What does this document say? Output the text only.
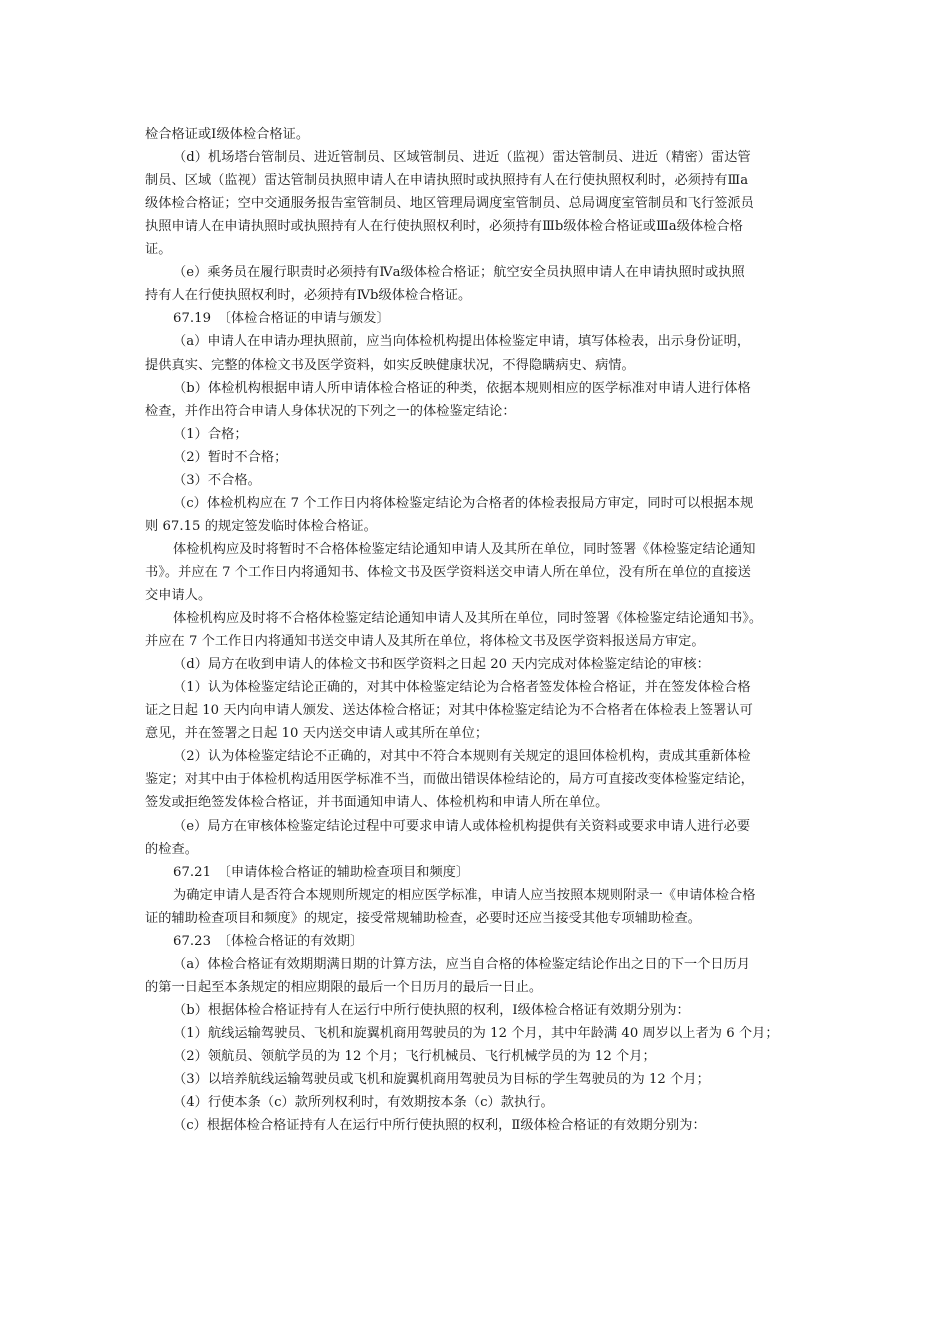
检合格证或Ⅰ级体检合格证。
（d）机场塔台管制员、进近管制员、区域管制员、进近（监视）雷达管制员、进近（精密）雷达管
制员、区域（监视）雷达管制员执照申请人在申请执照时或执照持有人在行使执照权利时，必须持有Ⅲa
级体检合格证；空中交通服务报告室管制员、地区管理局调度室管制员、总局调度室管制员和飞行签派员
执照申请人在申请执照时或执照持有人在行使执照权利时，必须持有Ⅲb级体检合格证或Ⅲa级体检合格
证。
（e）乘务员在履行职责时必须持有Ⅳa级体检合格证；航空安全员执照申请人在申请执照时或执照
持有人在行使执照权利时，必须持有Ⅳb级体检合格证。
67.19　〔体检合格证的申请与颁发〕
（a）申请人在申请办理执照前，应当向体检机构提出体检鉴定申请，填写体检表，出示身份证明，
提供真实、完整的体检文书及医学资料，如实反映健康状况，不得隐瞒病史、病情。
（b）体检机构根据申请人所申请体检合格证的种类，依据本规则相应的医学标准对申请人进行体格
检查，并作出符合申请人身体状况的下列之一的体检鉴定结论：
（1）合格；
（2）暂时不合格；
（3）不合格。
（c）体检机构应在 7 个工作日内将体检鉴定结论为合格者的体检表报局方审定，同时可以根据本规
则 67.15 的规定签发临时体检合格证。
体检机构应及时将暂时不合格体检鉴定结论通知申请人及其所在单位，同时签署《体检鉴定结论通知
书》。并应在 7 个工作日内将通知书、体检文书及医学资料送交申请人所在单位，没有所在单位的直接送
交申请人。
体检机构应及时将不合格体检鉴定结论通知申请人及其所在单位，同时签署《体检鉴定结论通知书》。
并应在 7 个工作日内将通知书送交申请人及其所在单位，将体检文书及医学资料报送局方审定。
（d）局方在收到申请人的体检文书和医学资料之日起 20 天内完成对体检鉴定结论的审核：
（1）认为体检鉴定结论正确的，对其中体检鉴定结论为合格者签发体检合格证，并在签发体检合格
证之日起 10 天内向申请人颁发、送达体检合格证；对其中体检鉴定结论为不合格者在体检表上签署认可
意见，并在签署之日起 10 天内送交申请人或其所在单位；
（2）认为体检鉴定结论不正确的，对其中不符合本规则有关规定的退回体检机构，责成其重新体检
鉴定；对其中由于体检机构适用医学标准不当，而做出错误体检结论的，局方可直接改变体检鉴定结论，
签发或拒绝签发体检合格证，并书面通知申请人、体检机构和申请人所在单位。
（e）局方在审核体检鉴定结论过程中可要求申请人或体检机构提供有关资料或要求申请人进行必要
的检查。
67.21　〔申请体检合格证的辅助检查项目和频度〕
为确定申请人是否符合本规则所规定的相应医学标准，申请人应当按照本规则附录一《申请体检合格
证的辅助检查项目和频度》的规定，接受常规辅助检查，必要时还应当接受其他专项辅助检查。
67.23　〔体检合格证的有效期〕
（a）体检合格证有效期期满日期的计算方法，应当自合格的体检鉴定结论作出之日的下一个日历月
的第一日起至本条规定的相应期限的最后一个日历月的最后一日止。
（b）根据体检合格证持有人在运行中所行使执照的权利，Ⅰ级体检合格证有效期分别为：
（1）航线运输驾驶员、飞机和旋翼机商用驾驶员的为 12 个月，其中年龄满 40 周岁以上者为 6 个月；
（2）领航员、领航学员的为 12 个月；飞行机械员、飞行机械学员的为 12 个月；
（3）以培养航线运输驾驶员或飞机和旋翼机商用驾驶员为目标的学生驾驶员的为 12 个月；
（4）行使本条（c）款所列权利时，有效期按本条（c）款执行。
（c）根据体检合格证持有人在运行中所行使执照的权利，Ⅱ级体检合格证的有效期分别为：
